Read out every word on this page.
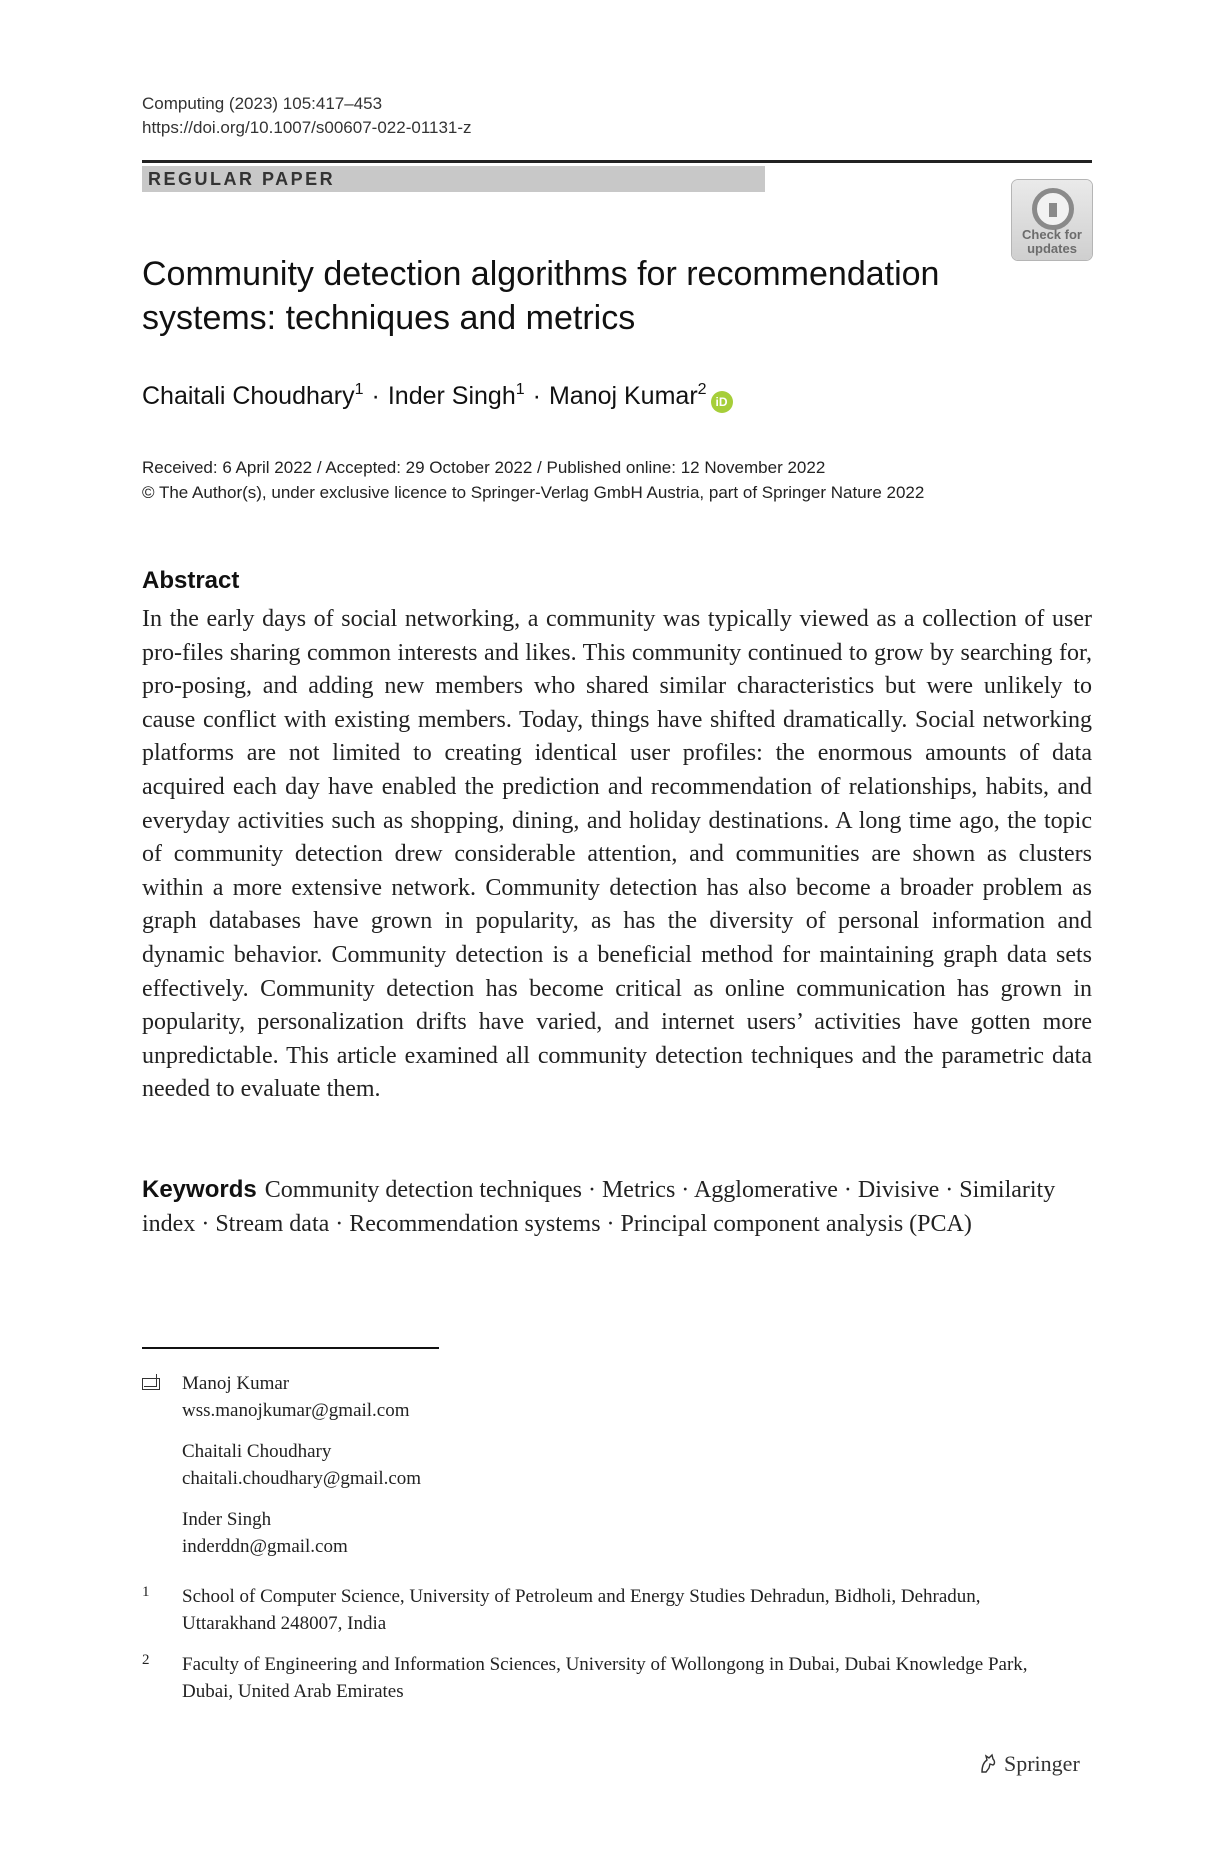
Computing (2023) 105:417–453
https://doi.org/10.1007/s00607-022-01131-z
REGULAR PAPER
Check for updates
Community detection algorithms for recommendation systems: techniques and metrics
Chaitali Choudhary$^1$ · Inder Singh$^1$ · Manoj Kumar$^2$iD
Received: 6 April 2022 / Accepted: 29 October 2022 / Published online: 12 November 2022
© The Author(s), under exclusive licence to Springer-Verlag GmbH Austria, part of Springer Nature 2022
Abstract

In the early days of social networking, a community was typically viewed as a collection of user pro-files sharing common interests and likes. This community continued to grow by searching for, pro-posing, and adding new members who shared similar characteristics but were unlikely to cause conflict with existing members. Today, things have shifted dramatically. Social networking platforms are not limited to creating identical user profiles: the enormous amounts of data acquired each day have enabled the prediction and recommendation of relationships, habits, and everyday activities such as shopping, dining, and holiday destinations. A long time ago, the topic of community detection drew considerable attention, and communities are shown as clusters within a more extensive network. Community detection has also become a broader problem as graph databases have grown in popularity, as has the diversity of personal information and dynamic behavior. Community detection is a beneficial method for maintaining graph data sets effectively. Community detection has become critical as online communication has grown in popularity, personalization drifts have varied, and internet users’ activities have gotten more unpredictable. This article examined all community detection techniques and the parametric data needed to evaluate them.

Keywords Community detection techniques · Metrics · Agglomerative · Divisive · Similarity index · Stream data · Recommendation systems · Principal component analysis (PCA)

Manoj Kumar
wss.manojkumar@gmail.com
Chaitali Choudhary
chaitali.choudhary@gmail.com
Inder Singh
inderddn@gmail.com
1 School of Computer Science, University of Petroleum and Energy Studies Dehradun, Bidholi, Dehradun, Uttarakhand 248007, India
2 Faculty of Engineering and Information Sciences, University of Wollongong in Dubai, Dubai Knowledge Park, Dubai, United Arab Emirates
Springer
